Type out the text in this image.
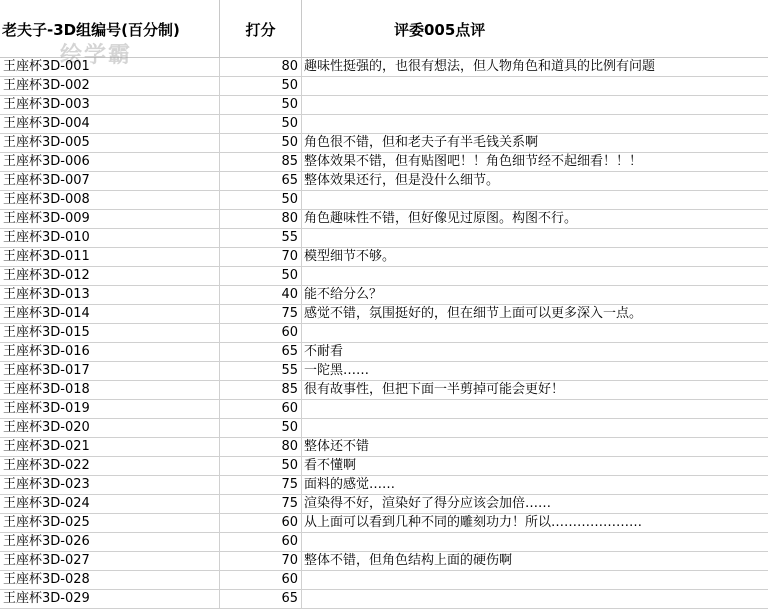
老夫子-3D组编号(百分制)	打分	评委005点评
绘学霸
王座杯3D-001	80 趣味性挺强的，也很有想法，但人物角色和道具的比例有问题
王座杯3D-002	50
王座杯3D-003	50
王座杯3D-004	50
王座杯3D-005	50 角色很不错，但和老夫子有半毛钱关系啊
王座杯3D-006	85 整体效果不错，但有贴图吧！！角色细节经不起细看！！！
王座杯3D-007	65 整体效果还行，但是没什么细节。
王座杯3D-008	50
王座杯3D-009	80 角色趣味性不错，但好像见过原图。构图不行。
王座杯3D-010	55
王座杯3D-011	70 模型细节不够。
王座杯3D-012	50
王座杯3D-013	40 能不给分么？
王座杯3D-014	75 感觉不错，氛围挺好的，但在细节上面可以更多深入一点。
王座杯3D-015	60
王座杯3D-016	65 不耐看
王座杯3D-017	55 一陀黑……
王座杯3D-018	85 很有故事性，但把下面一半剪掉可能会更好！
王座杯3D-019	60
王座杯3D-020	50
王座杯3D-021	80 整体还不错
王座杯3D-022	50 看不懂啊
王座杯3D-023	75 面料的感觉……
王座杯3D-024	75 渲染得不好，渲染好了得分应该会加倍……
王座杯3D-025	60 从上面可以看到几种不同的雕刻功力！所以…………………
王座杯3D-026	60
王座杯3D-027	70 整体不错，但角色结构上面的硬伤啊
王座杯3D-028	60
王座杯3D-029	65
